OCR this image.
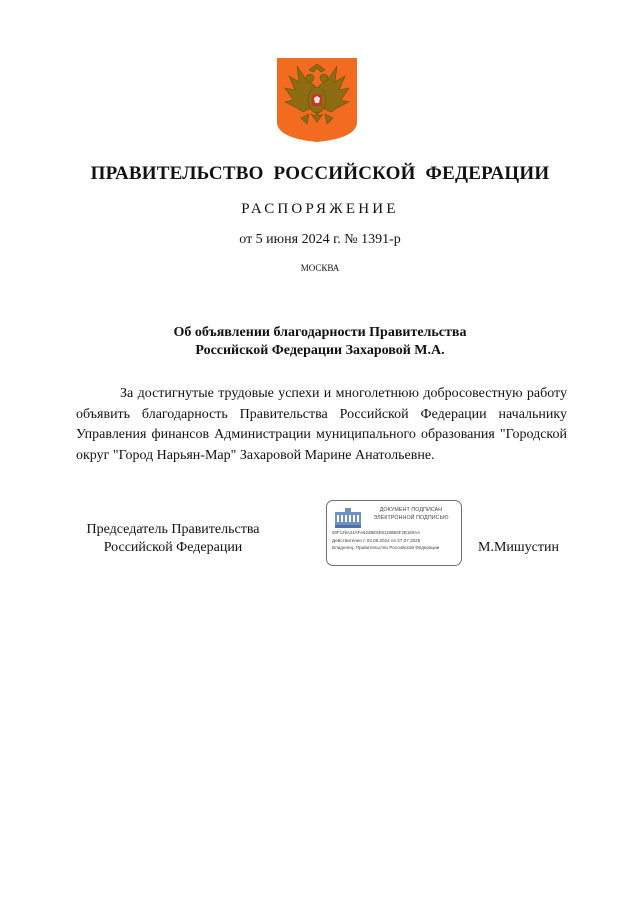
ПРАВИТЕЛЬСТВО РОССИЙСКОЙ ФЕДЕРАЦИИ
РАСПОРЯЖЕНИЕ
от 5 июня 2024 г. № 1391-р
МОСКВА
Об объявлении благодарности Правительства
Российской Федерации Захаровой М.А.

За достигнутые трудовые успехи и многолетнюю добросовестную работу объявить благодарность Правительства Российской Федерации начальнику Управления финансов Администрации муниципального образования "Городской округ "Город Нарьян-Мар" Захаровой Марине Анатольевне.

Председатель Правительства
Российской Федерации
ДОКУМЕНТ ПОДПИСАН
ЭЛЕКТРОННОЙ ПОДПИСЬЮ
00F129A24AFA624BE5E81186B5F2B180AA
Действителен с 03.05.2024 по 27.07.2025
Владелец: Правительство Российской Федерации	М.Мишустин
